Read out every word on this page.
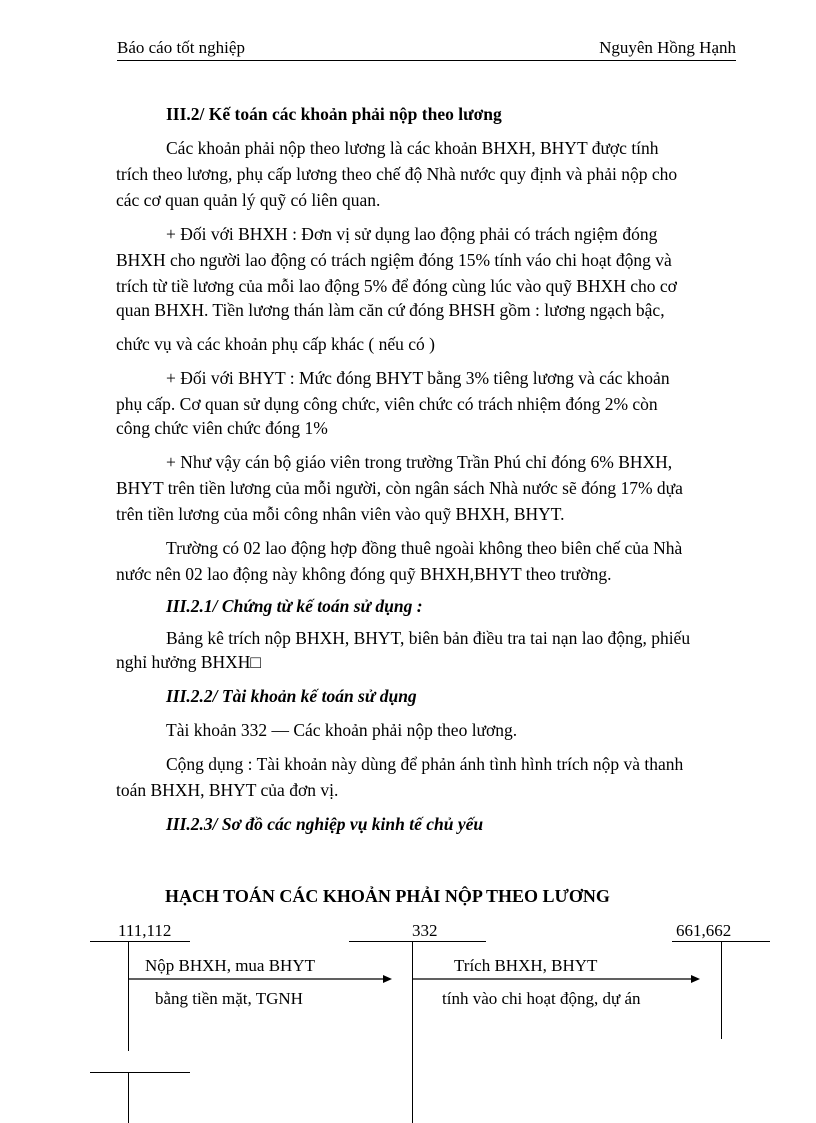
Báo cáo tốt nghiệp	Nguyên Hồng Hạnh
III.2/ Kế toán các khoản phải nộp theo lương
Các khoản phải nộp theo lương là các khoản BHXH, BHYT được tính
trích theo lương, phụ cấp lương theo chế độ Nhà nước quy định và phải nộp cho
các cơ quan quản lý quỹ có liên quan.
+ Đối với BHXH : Đơn vị sử dụng lao động phải có trách ngiệm đóng
BHXH cho người lao động có trách ngiệm đóng 15% tính váo chi hoạt động và
trích từ tiề lương của mỗi lao động 5% để đóng cùng lúc vào quỹ BHXH cho cơ
quan BHXH. Tiền lương thán làm căn cứ đóng BHSH gồm : lương ngạch bậc,
chức vụ và các khoản phụ cấp khác ( nếu có )
+ Đối với BHYT : Mức đóng BHYT bằng 3% tiêng lương và các khoản
phụ cấp. Cơ quan sử dụng công chức, viên chức có trách nhiệm đóng 2% còn
công chức viên chức đóng 1%
+ Như vậy cán bộ giáo viên trong trường Trần Phú chỉ đóng 6% BHXH,
BHYT trên tiền lương của mỗi người, còn ngân sách Nhà nước sẽ đóng 17% dựa
trên tiền lương của mỗi công nhân viên vào quỹ BHXH, BHYT.
Trường có 02 lao động hợp đồng thuê ngoài không theo biên chế của Nhà
nước nên 02 lao động này không đóng quỹ BHXH,BHYT theo trường.
III.2.1/ Chứng từ kế toán sử dụng :
Bảng kê trích nộp BHXH, BHYT, biên bản điều tra tai nạn lao động, phiếu
nghỉ hưởng BHXH□
III.2.2/ Tài khoản kế toán sử dụng
Tài khoản 332 — Các khoản phải nộp theo lương.
Cộng dụng : Tài khoản này dùng để phản ánh tình hình trích nộp và thanh
toán BHXH, BHYT của đơn vị.
III.2.3/ Sơ đồ các nghiệp vụ kinh tế chủ yếu
HẠCH TOÁN CÁC KHOẢN PHẢI NỘP THEO LƯƠNG
111,112	332	661,662
Nộp BHXH, mua BHYT
bằng tiền mặt, TGNH
Trích BHXH, BHYT
tính vào chi hoạt động, dự án
